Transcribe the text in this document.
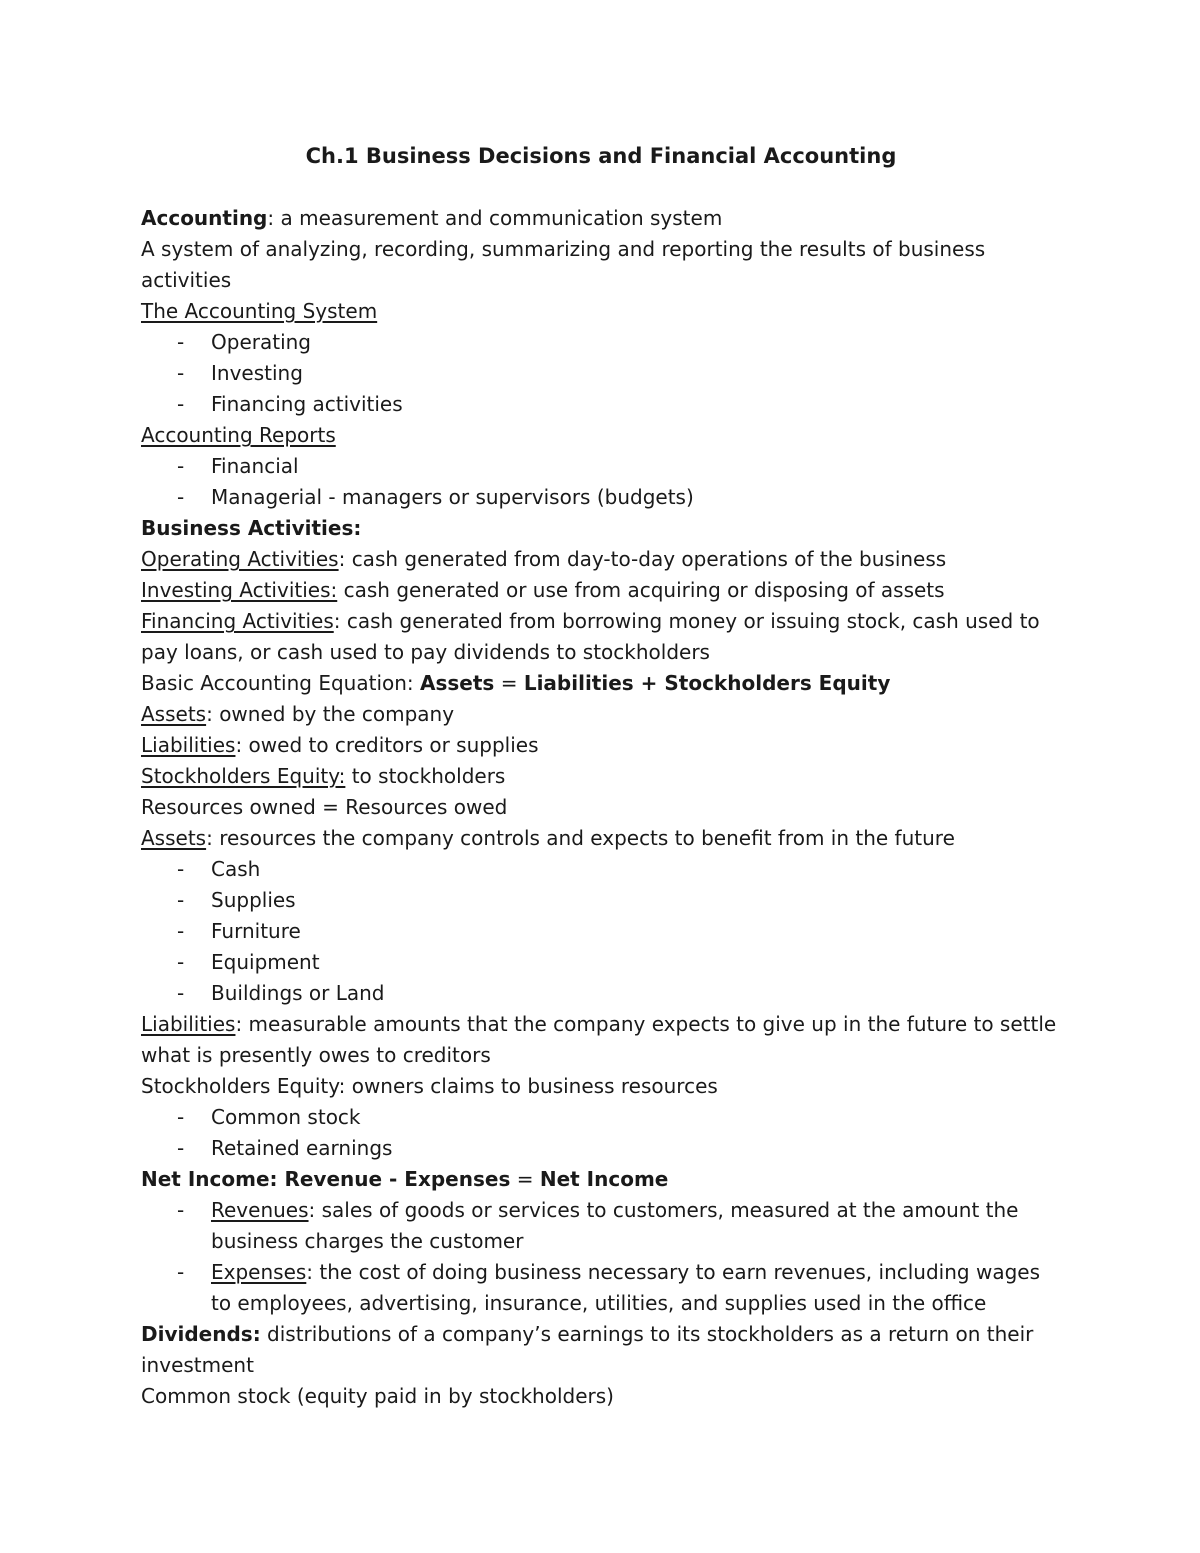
Ch.1 Business Decisions and Financial Accounting

Accounting: a measurement and communication system

A system of analyzing, recording, summarizing and reporting the results of business activities

The Accounting System

- Operating
- Investing
- Financing activities

Accounting Reports

- Financial
- Managerial - managers or supervisors (budgets)

Business Activities:

Operating Activities: cash generated from day-to-day operations of the business

Investing Activities: cash generated or use from acquiring or disposing of assets

Financing Activities: cash generated from borrowing money or issuing stock, cash used to pay loans, or cash used to pay dividends to stockholders

Basic Accounting Equation: Assets = Liabilities + Stockholders Equity

Assets: owned by the company

Liabilities: owed to creditors or supplies

Stockholders Equity: to stockholders

Resources owned = Resources owed

Assets: resources the company controls and expects to benefit from in the future

- Cash
- Supplies
- Furniture
- Equipment
- Buildings or Land

Liabilities: measurable amounts that the company expects to give up in the future to settle what is presently owes to creditors

Stockholders Equity: owners claims to business resources

- Common stock
- Retained earnings

Net Income: Revenue - Expenses = Net Income

- Revenues: sales of goods or services to customers, measured at the amount the business charges the customer
- Expenses: the cost of doing business necessary to earn revenues, including wages to employees, advertising, insurance, utilities, and supplies used in the office

Dividends: distributions of a company’s earnings to its stockholders as a return on their investment

Common stock (equity paid in by stockholders)
